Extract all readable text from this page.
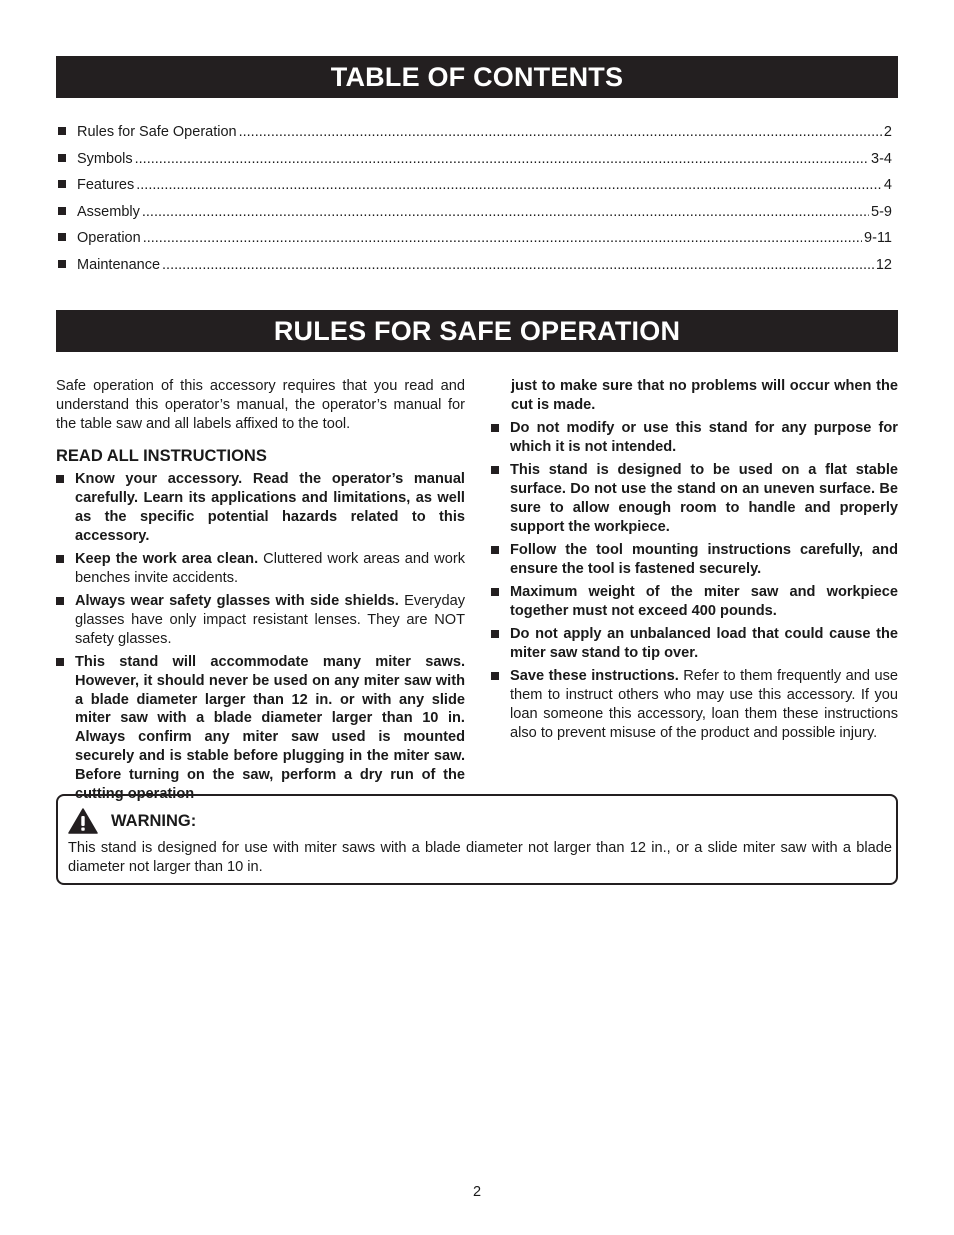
TABLE OF CONTENTS
Rules for Safe Operation .....	2
Symbols .....	3-4
Features .....	4
Assembly .....	5-9
Operation .....	9-11
Maintenance .....	12
RULES FOR SAFE OPERATION

Safe operation of this accessory requires that you read and understand this operator’s manual, the operator’s manual for the table saw and all labels affixed to the tool.

READ ALL INSTRUCTIONS
Know your accessory. Read the operator’s manual carefully. Learn its applications and limitations, as well as the specific potential hazards related to this accessory.
Keep the work area clean. Cluttered work areas and work benches invite accidents.
Always wear safety glasses with side shields. Everyday glasses have only impact resistant lenses. They are NOT safety glasses.
This stand will accommodate many miter saws. However, it should never be used on any miter saw with a blade diameter larger than 12 in. or with any slide miter saw with a blade diameter larger than 10 in. Always confirm any miter saw used is mounted securely and is stable before plugging in the miter saw. Before turning on the saw, perform a dry run of the cutting operation
just to make sure that no problems will occur when the cut is made.
Do not modify or use this stand for any purpose for which it is not intended.
This stand is designed to be used on a flat stable surface. Do not use the stand on an uneven surface. Be sure to allow enough room to handle and properly support the workpiece.
Follow the tool mounting instructions carefully, and ensure the tool is fastened securely.
Maximum weight of the miter saw and workpiece together must not exceed 400 pounds.
Do not apply an unbalanced load that could cause the miter saw stand to tip over.
Save these instructions. Refer to them frequently and use them to instruct others who may use this accessory. If you loan someone this accessory, loan them these instructions also to prevent misuse of the product and possible injury.
WARNING:
This stand is designed for use with miter saws with a blade diameter not larger than 12 in., or a slide miter saw with a blade diameter not larger than 10 in.
2
